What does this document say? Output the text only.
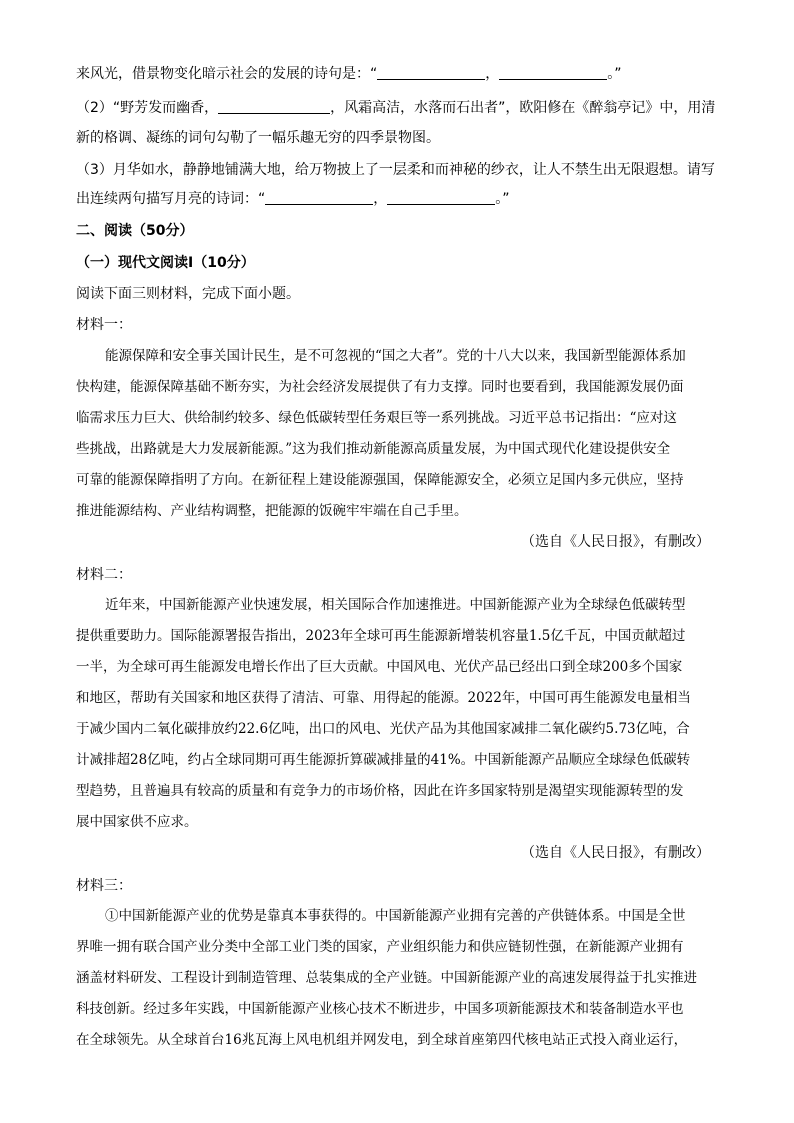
来风光，借景物变化暗示社会的发展的诗句是：“	，	。”
（2）“野芳发而幽香，	，风霜高洁，水落而石出者”，欧阳修在《醉翁亭记》中，用清
新的格调、凝练的词句勾勒了一幅乐趣无穷的四季景物图。
（3）月华如水，静静地铺满大地，给万物披上了一层柔和而神秘的纱衣，让人不禁生出无限遐想。请写
出连续两句描写月亮的诗词：“	，	。”
二、阅读（50分）
（一）现代文阅读Ⅰ（10分）
阅读下面三则材料，完成下面小题。
材料一：
能源保障和安全事关国计民生，是不可忽视的“国之大者”。党的十八大以来，我国新型能源体系加
快构建，能源保障基础不断夯实，为社会经济发展提供了有力支撑。同时也要看到，我国能源发展仍面
临需求压力巨大、供给制约较多、绿色低碳转型任务艰巨等一系列挑战。习近平总书记指出：“应对这
些挑战，出路就是大力发展新能源。”这为我们推动新能源高质量发展，为中国式现代化建设提供安全
可靠的能源保障指明了方向。在新征程上建设能源强国，保障能源安全，必须立足国内多元供应，坚持
推进能源结构、产业结构调整，把能源的饭碗牢牢端在自己手里。
（选自《人民日报》，有删改）
材料二：
近年来，中国新能源产业快速发展，相关国际合作加速推进。中国新能源产业为全球绿色低碳转型
提供重要助力。国际能源署报告指出，2023年全球可再生能源新增装机容量1.5亿千瓦，中国贡献超过
一半，为全球可再生能源发电增长作出了巨大贡献。中国风电、光伏产品已经出口到全球200多个国家
和地区，帮助有关国家和地区获得了清洁、可靠、用得起的能源。2022年，中国可再生能源发电量相当
于减少国内二氧化碳排放约22.6亿吨，出口的风电、光伏产品为其他国家减排二氧化碳约5.73亿吨，合
计减排超28亿吨，约占全球同期可再生能源折算碳减排量的41%。中国新能源产品顺应全球绿色低碳转
型趋势，且普遍具有较高的质量和有竞争力的市场价格，因此在许多国家特别是渴望实现能源转型的发
展中国家供不应求。
（选自《人民日报》，有删改）
材料三：
①中国新能源产业的优势是靠真本事获得的。中国新能源产业拥有完善的产供链体系。中国是全世
界唯一拥有联合国产业分类中全部工业门类的国家，产业组织能力和供应链韧性强，在新能源产业拥有
涵盖材料研发、工程设计到制造管理、总装集成的全产业链。中国新能源产业的高速发展得益于扎实推进
科技创新。经过多年实践，中国新能源产业核心技术不断进步，中国多项新能源技术和装备制造水平也
在全球领先。从全球首台16兆瓦海上风电机组并网发电，到全球首座第四代核电站正式投入商业运行，
